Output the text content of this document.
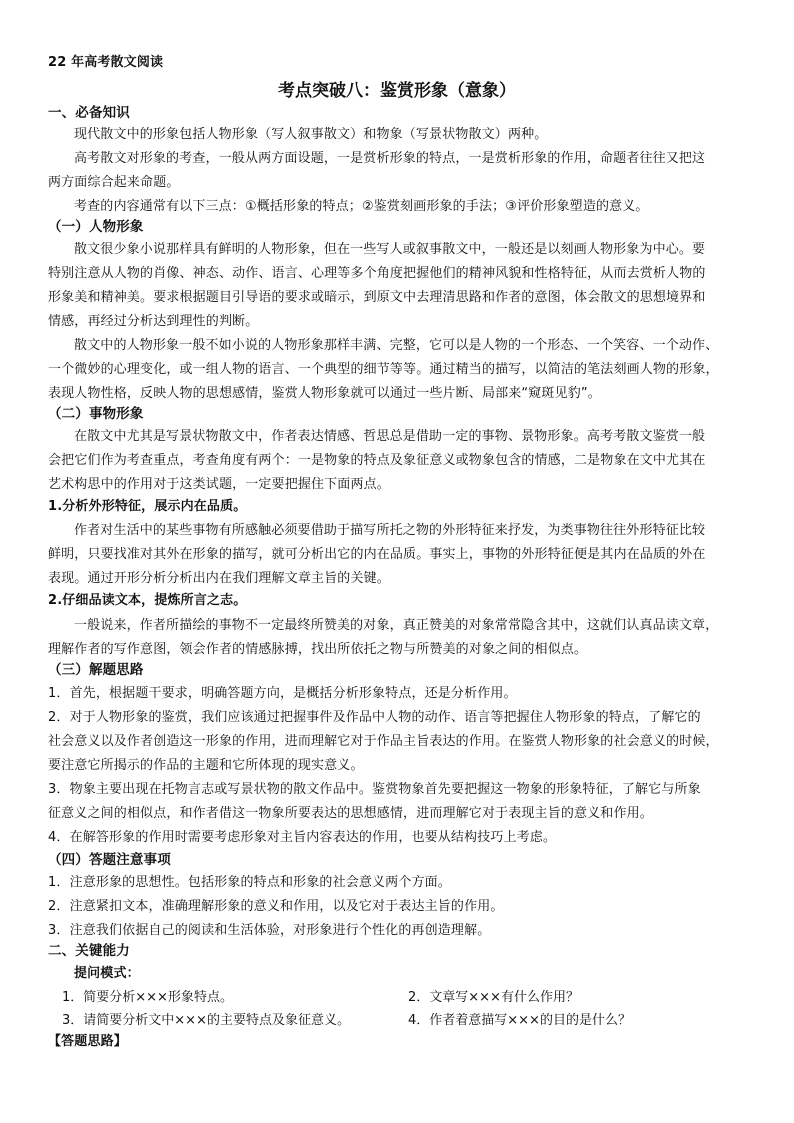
22 年高考散文阅读
考点突破八：鉴赏形象（意象）
一、必备知识
现代散文中的形象包括人物形象（写人叙事散文）和物象（写景状物散文）两种。
高考散文对形象的考查，一般从两方面设题，一是赏析形象的特点，一是赏析形象的作用，命题者往往又把这
两方面综合起来命题。
考查的内容通常有以下三点：①概括形象的特点；②鉴赏刻画形象的手法；③评价形象塑造的意义。
（一）人物形象
散文很少象小说那样具有鲜明的人物形象，但在一些写人或叙事散文中，一般还是以刻画人物形象为中心。要
特别注意从人物的肖像、神态、动作、语言、心理等多个角度把握他们的精神风貌和性格特征，从而去赏析人物的
形象美和精神美。要求根据题目引导语的要求或暗示，到原文中去理清思路和作者的意图，体会散文的思想境界和
情感，再经过分析达到理性的判断。
散文中的人物形象一般不如小说的人物形象那样丰满、完整，它可以是人物的一个形态、一个笑容、一个动作、
一个微妙的心理变化，或一组人物的语言、一个典型的细节等等。通过精当的描写，以简洁的笔法刻画人物的形象，
表现人物性格，反映人物的思想感情，鉴赏人物形象就可以通过一些片断、局部来“窥斑见豹”。
（二）事物形象
在散文中尤其是写景状物散文中，作者表达情感、哲思总是借助一定的事物、景物形象。高考考散文鉴赏一般
会把它们作为考查重点，考查角度有两个：一是物象的特点及象征意义或物象包含的情感，二是物象在文中尤其在
艺术构思中的作用对于这类试题，一定要把握住下面两点。
1.分析外形特征，展示内在品质。
作者对生活中的某些事物有所感触必须要借助于描写所托之物的外形特征来抒发，为类事物往往外形特征比较
鲜明，只要找准对其外在形象的描写，就可分析出它的内在品质。事实上，事物的外形特征便是其内在品质的外在
表现。通过开形分析分析出内在我们理解文章主旨的关键。
2.仔细品读文本，提炼所言之志。
一般说来，作者所描绘的事物不一定最终所赞美的对象，真正赞美的对象常常隐含其中，这就们认真品读文章，
理解作者的写作意图，领会作者的情感脉搏，找出所依托之物与所赞美的对象之间的相似点。
（三）解题思路
1．首先，根据题干要求，明确答题方向，是概括分析形象特点，还是分析作用。
2．对于人物形象的鉴赏，我们应该通过把握事件及作品中人物的动作、语言等把握住人物形象的特点，了解它的
社会意义以及作者创造这一形象的作用，进而理解它对于作品主旨表达的作用。在鉴赏人物形象的社会意义的时候，
要注意它所揭示的作品的主题和它所体现的现实意义。
3．物象主要出现在托物言志或写景状物的散文作品中。鉴赏物象首先要把握这一物象的形象特征，了解它与所象
征意义之间的相似点，和作者借这一物象所要表达的思想感情，进而理解它对于表现主旨的意义和作用。
4．在解答形象的作用时需要考虑形象对主旨内容表达的作用，也要从结构技巧上考虑。
（四）答题注意事项
1．注意形象的思想性。包括形象的特点和形象的社会意义两个方面。
2．注意紧扣文本，准确理解形象的意义和作用，以及它对于表达主旨的作用。
3．注意我们依据自己的阅读和生活体验，对形象进行个性化的再创造理解。
二、关键能力
提问模式：
1．简要分析×××形象特点。	2．文章写×××有什么作用？
3．请简要分析文中×××的主要特点及象征意义。	4．作者着意描写×××的目的是什么？
【答题思路】
